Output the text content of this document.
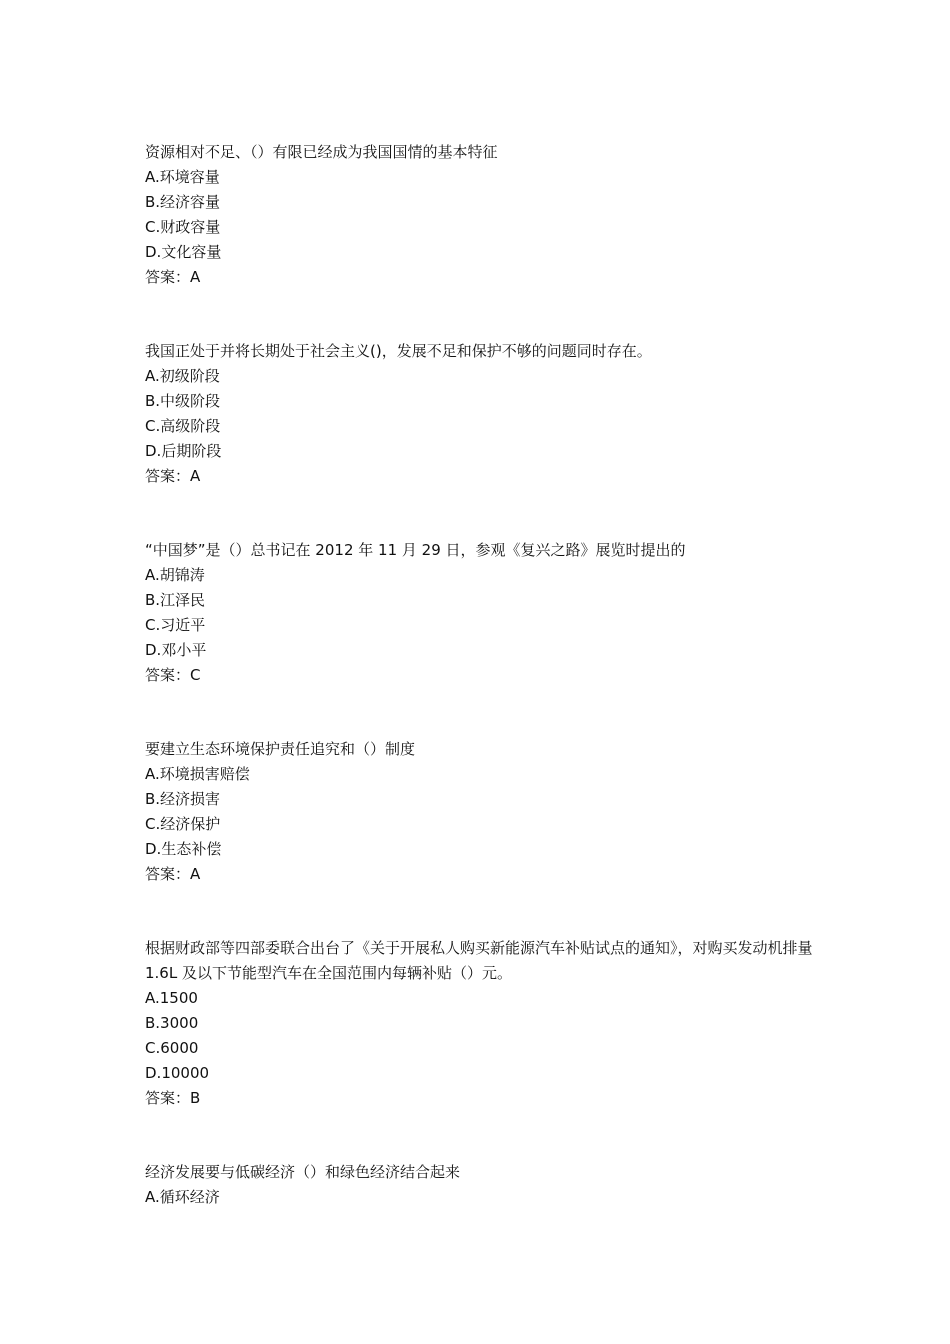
资源相对不足、（）有限已经成为我国国情的基本特征
A.环境容量
B.经济容量
C.财政容量
D.文化容量
答案：A
我国正处于并将长期处于社会主义()，发展不足和保护不够的问题同时存在。
A.初级阶段
B.中级阶段
C.高级阶段
D.后期阶段
答案：A
“中国梦”是（）总书记在 2012 年 11 月 29 日，参观《复兴之路》展览时提出的
A.胡锦涛
B.江泽民
C.习近平
D.邓小平
答案：C
要建立生态环境保护责任追究和（）制度
A.环境损害赔偿
B.经济损害
C.经济保护
D.生态补偿
答案：A
根据财政部等四部委联合出台了《关于开展私人购买新能源汽车补贴试点的通知》，对购买发动机排量 1.6L 及以下节能型汽车在全国范围内每辆补贴（）元。
A.1500
B.3000
C.6000
D.10000
答案：B
经济发展要与低碳经济（）和绿色经济结合起来
A.循环经济
